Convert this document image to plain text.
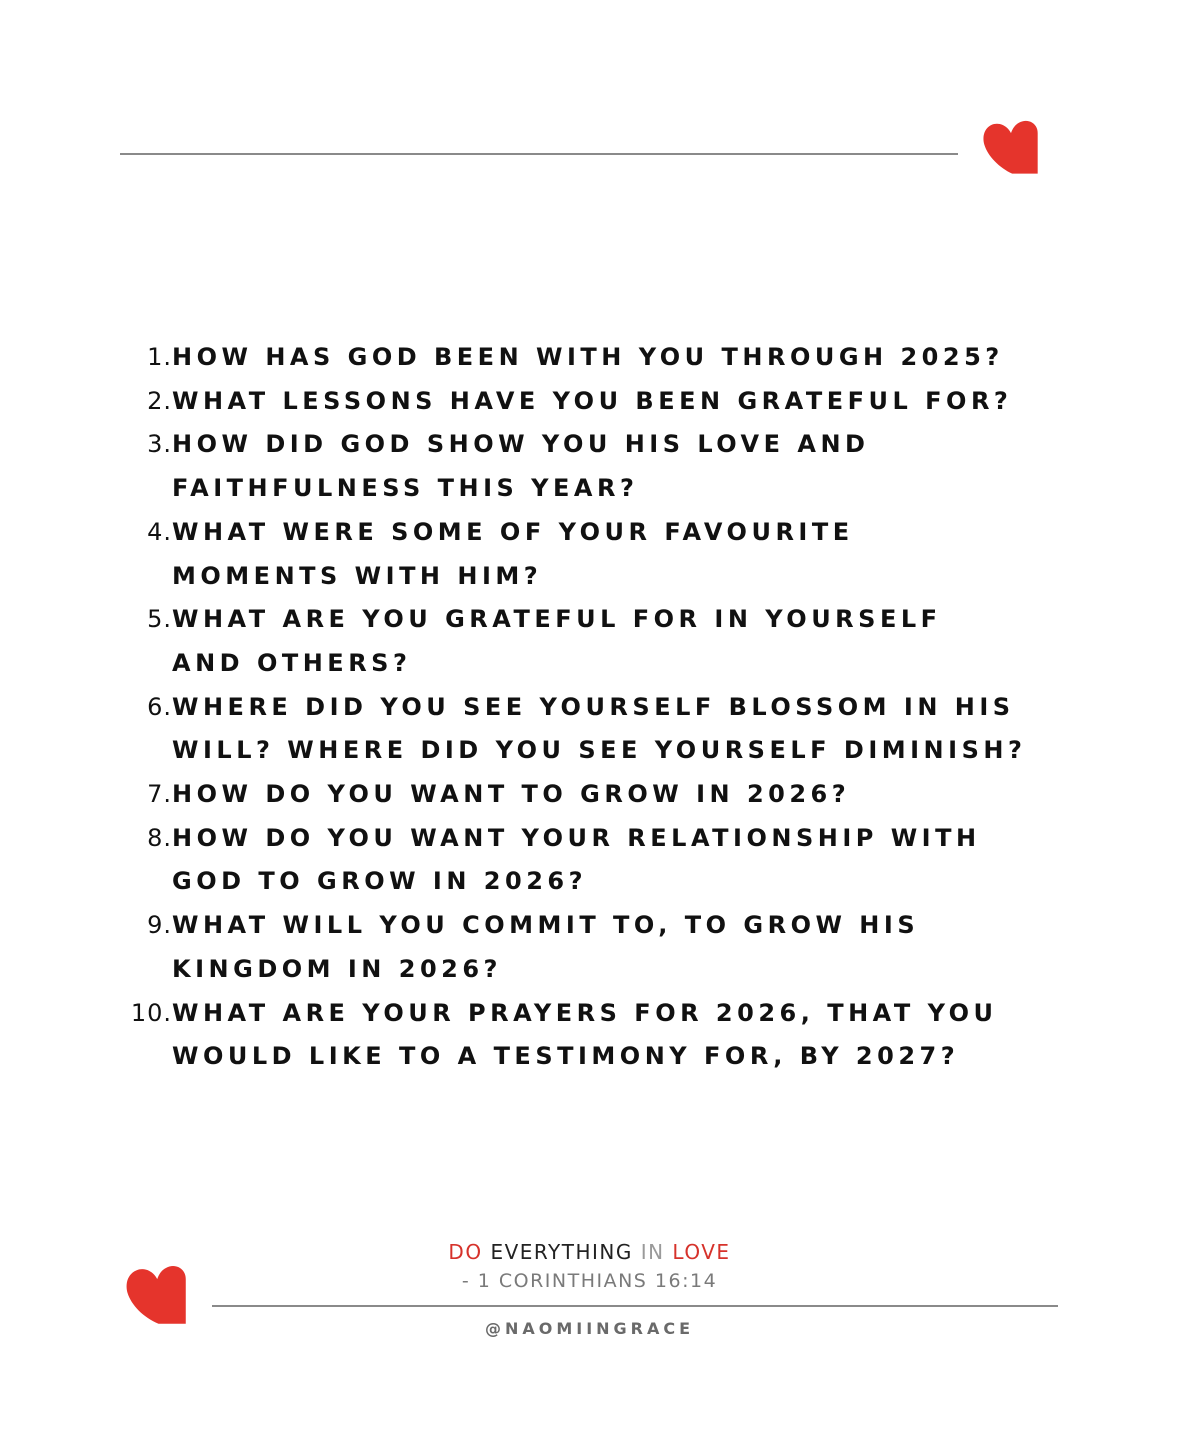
1. HOW HAS GOD BEEN WITH YOU THROUGH 2025?
2. WHAT LESSONS HAVE YOU BEEN GRATEFUL FOR?
3. HOW DID GOD SHOW YOU HIS LOVE AND FAITHFULNESS THIS YEAR?
4. WHAT WERE SOME OF YOUR FAVOURITE MOMENTS WITH HIM?
5. WHAT ARE YOU GRATEFUL FOR IN YOURSELF AND OTHERS?
6. WHERE DID YOU SEE YOURSELF BLOSSOM IN HIS WILL? WHERE DID YOU SEE YOURSELF DIMINISH?
7. HOW DO YOU WANT TO GROW IN 2026?
8. HOW DO YOU WANT YOUR RELATIONSHIP WITH GOD TO GROW IN 2026?
9. WHAT WILL YOU COMMIT TO, TO GROW HIS KINGDOM IN 2026?
10. WHAT ARE YOUR PRAYERS FOR 2026, THAT YOU WOULD LIKE TO A TESTIMONY FOR, BY 2027?
DO EVERYTHING IN LOVE
- 1 CORINTHIANS 16:14
@NAOMIINGRACE
